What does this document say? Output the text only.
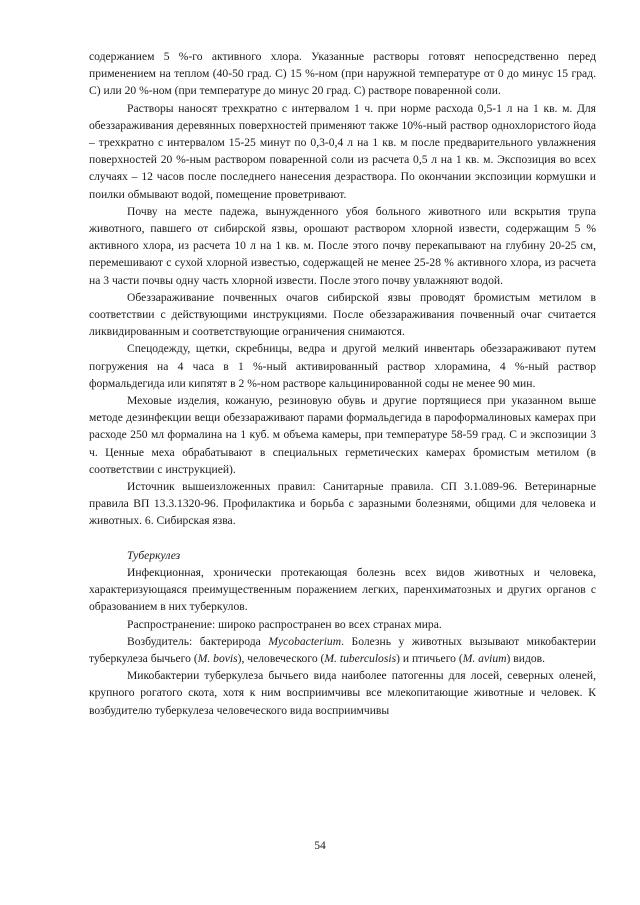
содержанием 5 %-го активного хлора. Указанные растворы готовят непосредственно перед применением на теплом (40-50 град. С) 15 %-ном (при наружной температуре от 0 до минус 15 град. С) или 20 %-ном (при температуре до минус 20 град. С) растворе поваренной соли.

Растворы наносят трехкратно с интервалом 1 ч. при норме расхода 0,5-1 л на 1 кв. м. Для обеззараживания деревянных поверхностей применяют также 10%-ный раствор однохлористого йода – трехкратно с интервалом 15-25 минут по 0,3-0,4 л на 1 кв. м после предварительного увлажнения поверхностей 20 %-ным раствором поваренной соли из расчета 0,5 л на 1 кв. м. Экспозиция во всех случаях – 12 часов после последнего нанесения дезраствора. По окончании экспозиции кормушки и поилки обмывают водой, помещение проветривают.

Почву на месте падежа, вынужденного убоя больного животного или вскрытия трупа животного, павшего от сибирской язвы, орошают раствором хлорной извести, содержащим 5 % активного хлора, из расчета 10 л на 1 кв. м. После этого почву перекапывают на глубину 20-25 см, перемешивают с сухой хлорной известью, содержащей не менее 25-28 % активного хлора, из расчета на 3 части почвы одну часть хлорной извести. После этого почву увлажняют водой.

Обеззараживание почвенных очагов сибирской язвы проводят бромистым метилом в соответствии с действующими инструкциями. После обеззараживания почвенный очаг считается ликвидированным и соответствующие ограничения снимаются.

Спецодежду, щетки, скребницы, ведра и другой мелкий инвентарь обеззараживают путем погружения на 4 часа в 1 %-ный активированный раствор хлорамина, 4 %-ный раствор формальдегида или кипятят в 2 %-ном растворе кальцинированной соды не менее 90 мин.

Меховые изделия, кожаную, резиновую обувь и другие портящиеся при указанном выше методе дезинфекции вещи обеззараживают парами формальдегида в пароформалиновых камерах при расходе 250 мл формалина на 1 куб. м объема камеры, при температуре 58-59 град. С и экспозиции 3 ч. Ценные меха обрабатывают в специальных герметических камерах бромистым метилом (в соответствии с инструкцией).

Источник вышеизложенных правил: Санитарные правила. СП 3.1.089-96. Ветеринарные правила ВП 13.3.1320-96. Профилактика и борьба с заразными болезнями, общими для человека и животных. 6. Сибирская язва.

Туберкулез

Инфекционная, хронически протекающая болезнь всех видов животных и человека, характеризующаяся преимущественным поражением легких, паренхиматозных и других органов с образованием в них туберкулов.

Распространение: широко распространен во всех странах мира.

Возбудитель: бактерирода Mycobacterium. Болезнь у животных вызывают микобактерии туберкулеза бычьего (M. bovis), человеческого (M. tuberculosis) и птичьего (M. avium) видов.

Микобактерии туберкулеза бычьего вида наиболее патогенны для лосей, северных оленей, крупного рогатого скота, хотя к ним восприимчивы все млекопитающие животные и человек. К возбудителю туберкулеза человеческого вида восприимчивы

54
